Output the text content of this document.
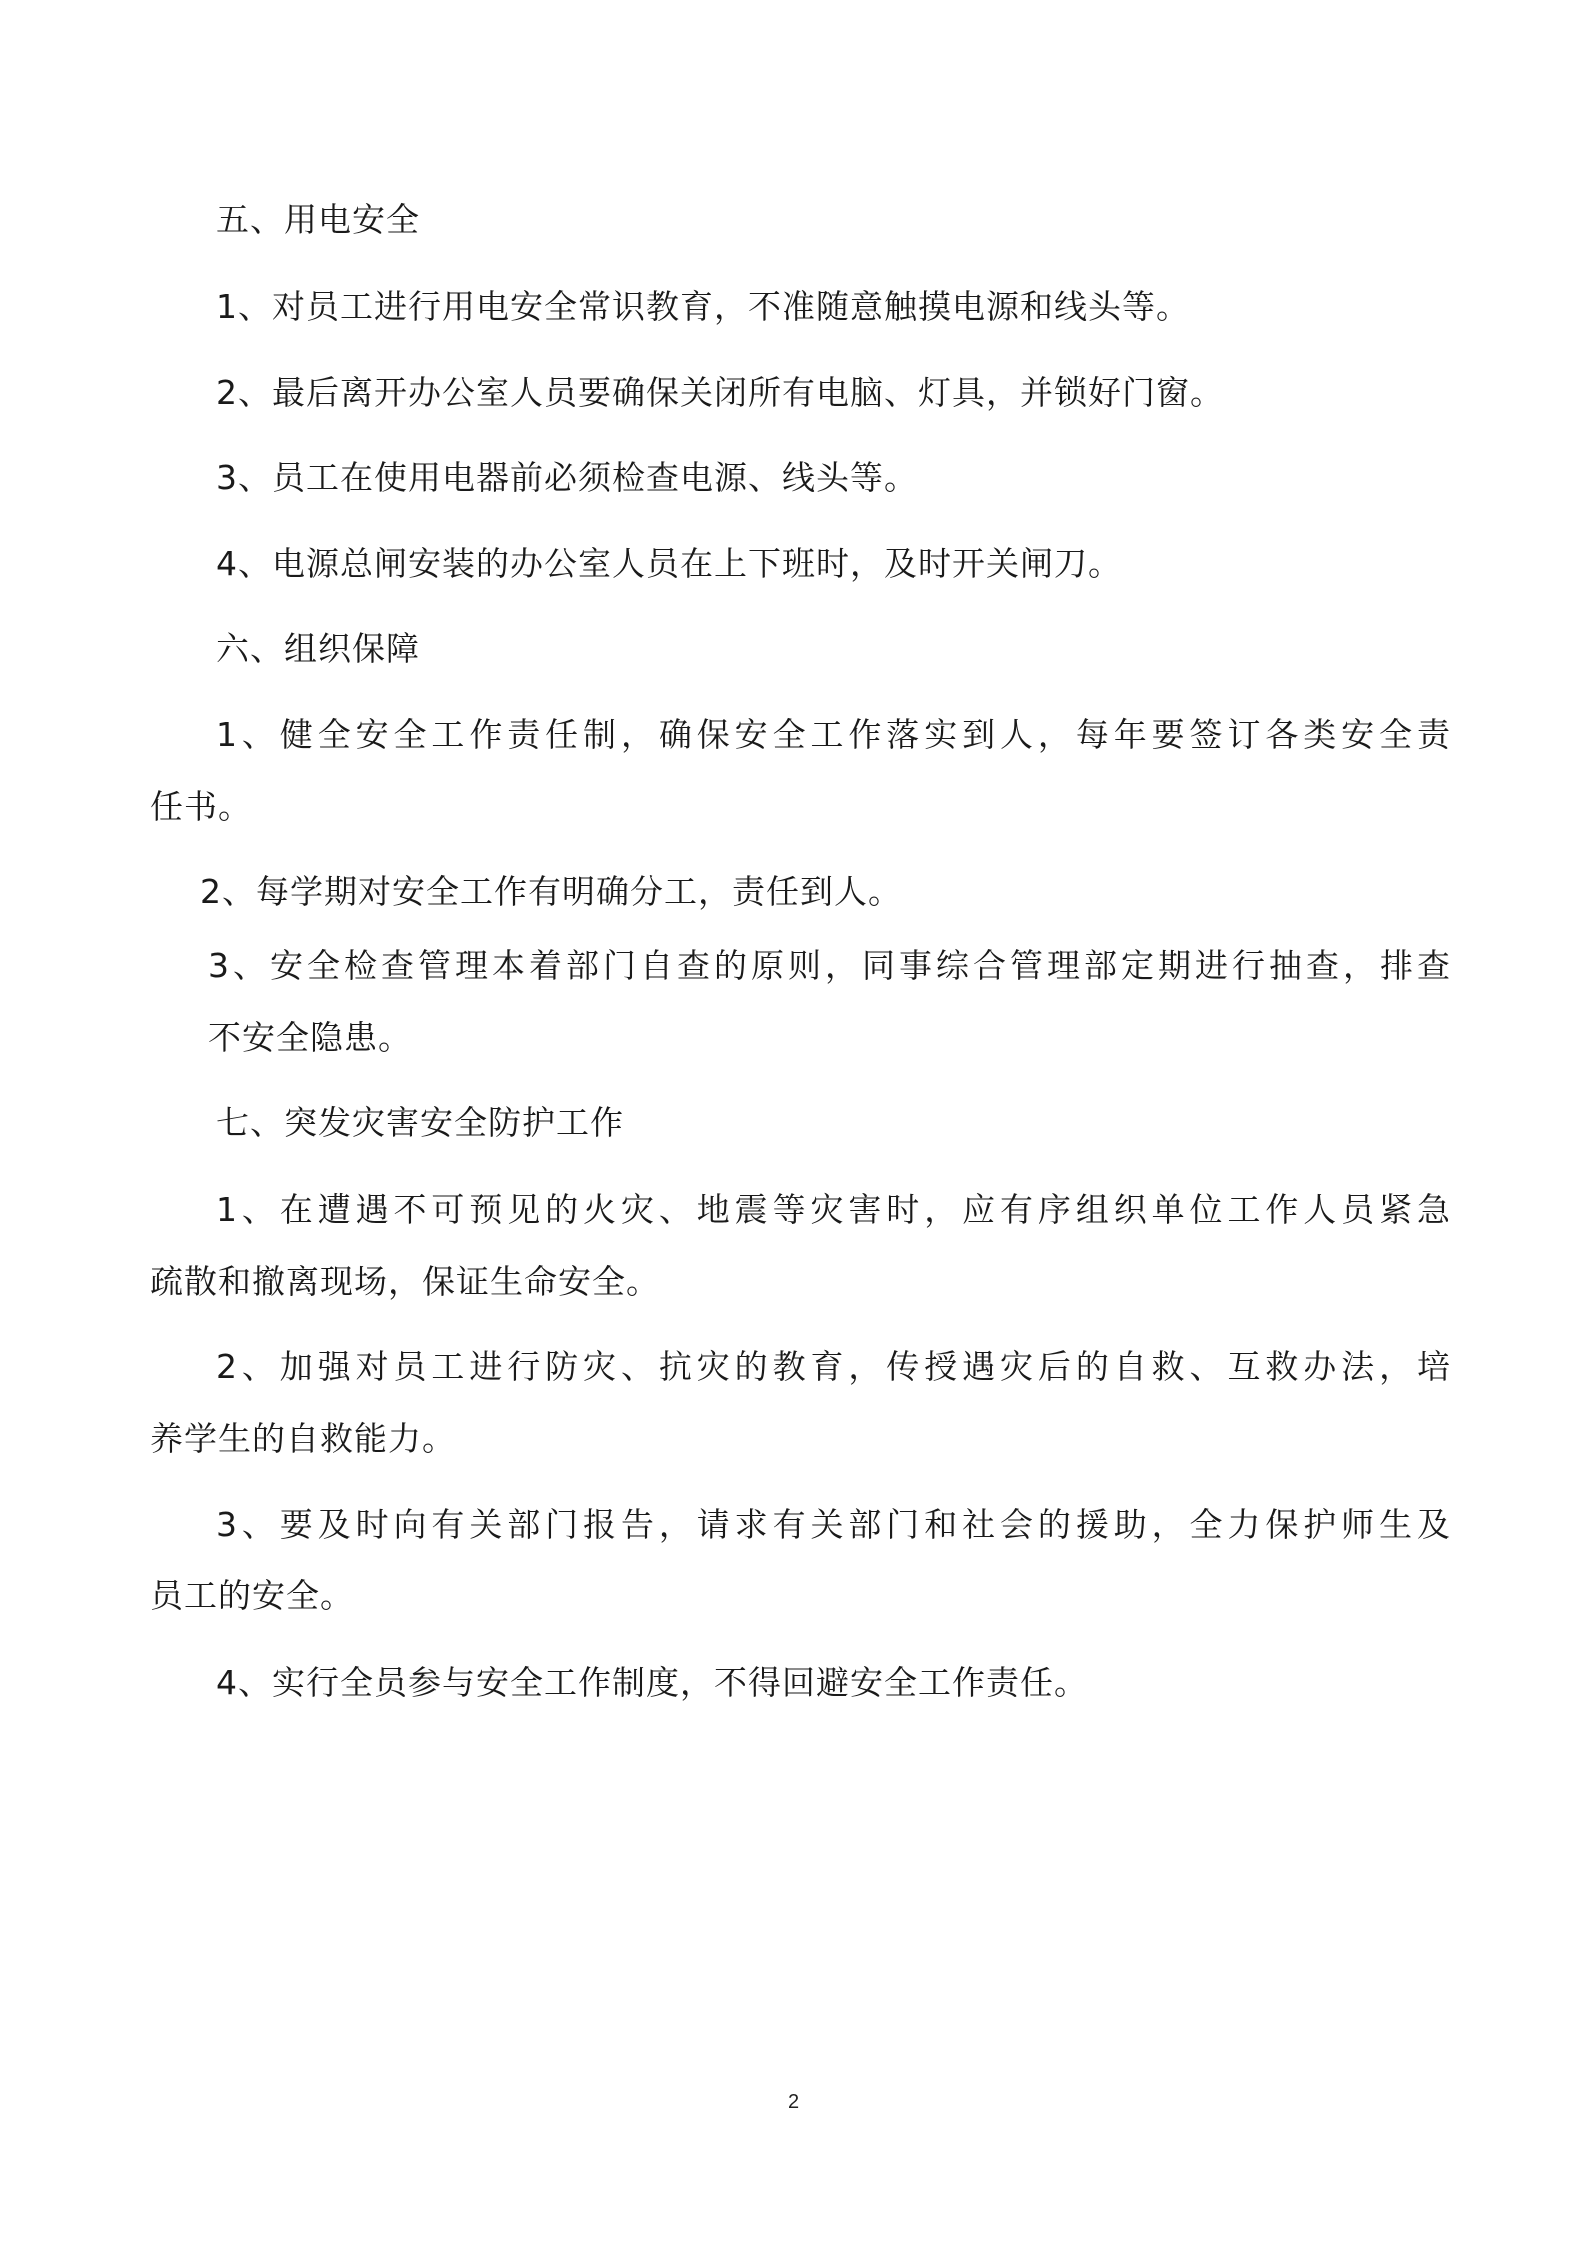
五、用电安全
1、对员工进行用电安全常识教育，不准随意触摸电源和线头等。
2、最后离开办公室人员要确保关闭所有电脑、灯具，并锁好门窗。
3、员工在使用电器前必须检查电源、线头等。
4、电源总闸安装的办公室人员在上下班时，及时开关闸刀。
六、组织保障
1、健全安全工作责任制，确保安全工作落实到人，每年要签订各类安全责
任书。
2、每学期对安全工作有明确分工，责任到人。
3、安全检查管理本着部门自查的原则，同事综合管理部定期进行抽查，排查
不安全隐患。
七、突发灾害安全防护工作
1、在遭遇不可预见的火灾、地震等灾害时，应有序组织单位工作人员紧急
疏散和撤离现场，保证生命安全。
2、加强对员工进行防灾、抗灾的教育，传授遇灾后的自救、互救办法，培
养学生的自救能力。
3、要及时向有关部门报告，请求有关部门和社会的援助，全力保护师生及
员工的安全。
4、实行全员参与安全工作制度，不得回避安全工作责任。
2
